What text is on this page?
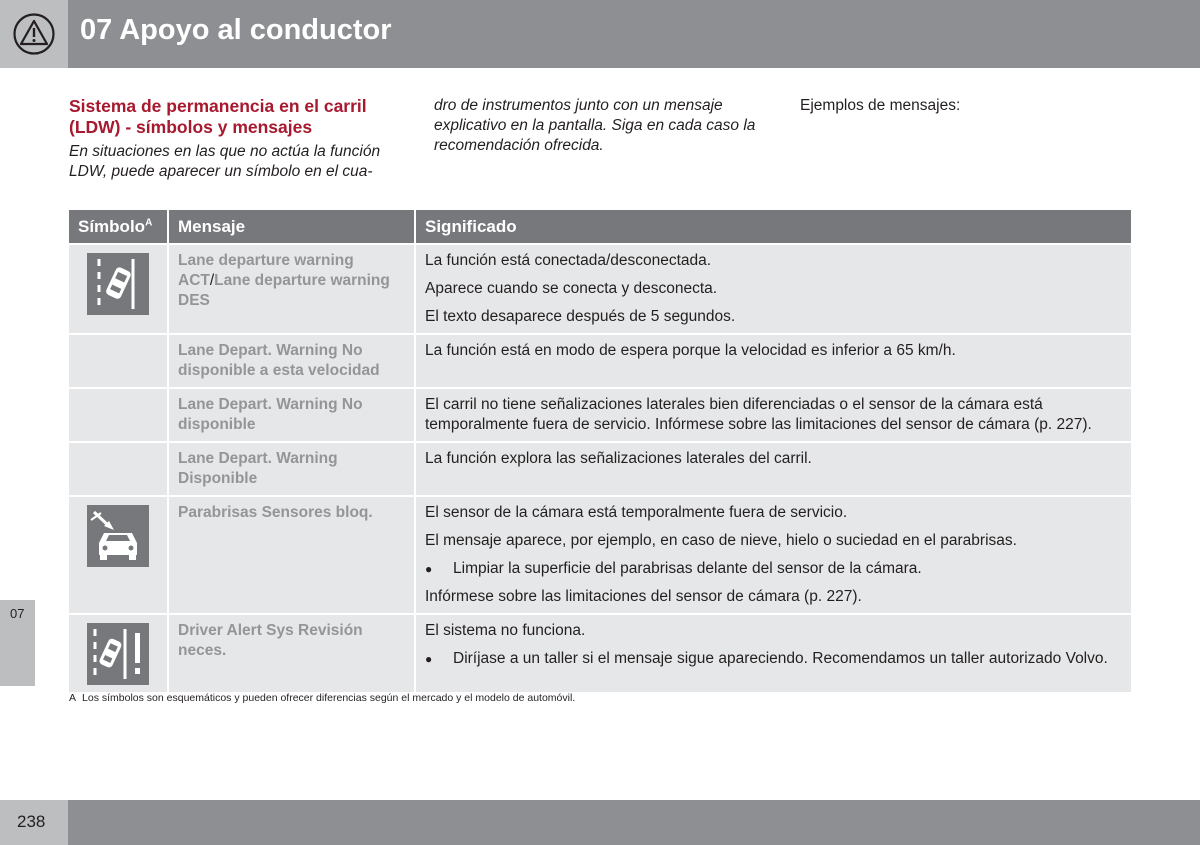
07 Apoyo al conductor
07
Sistema de permanencia en el carril (LDW) - símbolos y mensajes
En situaciones en las que no actúa la función LDW, puede aparecer un símbolo en el cua-
dro de instrumentos junto con un mensaje explicativo en la pantalla. Siga en cada caso la recomendación ofrecida.
Ejemplos de mensajes:
Símbolo$^A$	Mensaje	Significado
	Lane departure warning ACT/Lane departure warning DES	La función está conectada/desconectada.

Aparece cuando se conecta y desconecta.

El texto desaparece después de 5 segundos.

	Lane Depart. Warning No disponible a esta velocidad	La función está en modo de espera porque la velocidad es inferior a 65 km/h.

	Lane Depart. Warning No disponible	El carril no tiene señalizaciones laterales bien diferenciadas o el sensor de la cámara está temporalmente fuera de servicio. Infórmese sobre las limitaciones del sensor de cámara (p. 227).

	Lane Depart. Warning Disponible	La función explora las señalizaciones laterales del carril.

	Parabrisas Sensores bloq.	El sensor de la cámara está temporalmente fuera de servicio.

El mensaje aparece, por ejemplo, en caso de nieve, hielo o suciedad en el parabrisas.

● Limpiar la superficie del parabrisas delante del sensor de la cámara.

Infórmese sobre las limitaciones del sensor de cámara (p. 227).

	Driver Alert Sys Revisión neces.	El sistema no funciona.

● Diríjase a un taller si el mensaje sigue apareciendo. Recomendamos un taller autorizado Volvo.

A Los símbolos son esquemáticos y pueden ofrecer diferencias según el mercado y el modelo de automóvil.
238
